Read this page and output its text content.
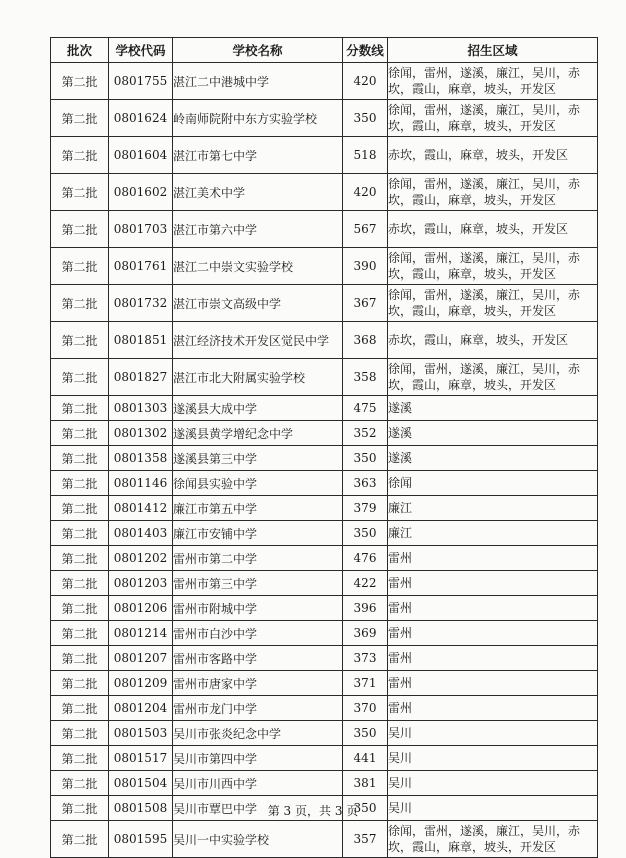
批次	学校代码	学校名称	分数线	招生区域
第二批	0801755	湛江二中港城中学	420	徐闻，雷州，遂溪，廉江，吴川，赤坎，霞山，麻章，坡头，开发区
第二批	0801624	岭南师院附中东方实验学校	350	徐闻，雷州，遂溪，廉江，吴川，赤坎，霞山，麻章，坡头，开发区
第二批	0801604	湛江市第七中学	518	赤坎，霞山，麻章，坡头，开发区
第二批	0801602	湛江美术中学	420	徐闻，雷州，遂溪，廉江，吴川，赤坎，霞山，麻章，坡头，开发区
第二批	0801703	湛江市第六中学	567	赤坎，霞山，麻章，坡头，开发区
第二批	0801761	湛江二中崇文实验学校	390	徐闻，雷州，遂溪，廉江，吴川，赤坎，霞山，麻章，坡头，开发区
第二批	0801732	湛江市崇文高级中学	367	徐闻，雷州，遂溪，廉江，吴川，赤坎，霞山，麻章，坡头，开发区
第二批	0801851	湛江经济技术开发区觉民中学	368	赤坎，霞山，麻章，坡头，开发区
第二批	0801827	湛江市北大附属实验学校	358	徐闻，雷州，遂溪，廉江，吴川，赤坎，霞山，麻章，坡头，开发区
第二批	0801303	遂溪县大成中学	475	遂溪
第二批	0801302	遂溪县黄学增纪念中学	352	遂溪
第二批	0801358	遂溪县第三中学	350	遂溪
第二批	0801146	徐闻县实验中学	363	徐闻
第二批	0801412	廉江市第五中学	379	廉江
第二批	0801403	廉江市安铺中学	350	廉江
第二批	0801202	雷州市第二中学	476	雷州
第二批	0801203	雷州市第三中学	422	雷州
第二批	0801206	雷州市附城中学	396	雷州
第二批	0801214	雷州市白沙中学	369	雷州
第二批	0801207	雷州市客路中学	373	雷州
第二批	0801209	雷州市唐家中学	371	雷州
第二批	0801204	雷州市龙门中学	370	雷州
第二批	0801503	吴川市张炎纪念中学	350	吴川
第二批	0801517	吴川市第四中学	441	吴川
第二批	0801504	吴川市川西中学	381	吴川
第二批	0801508	吴川市覃巴中学	350	吴川
第二批	0801595	吴川一中实验学校	357	徐闻，雷州，遂溪，廉江，吴川，赤坎，霞山，麻章，坡头，开发区
第 3 页，共 3 页
